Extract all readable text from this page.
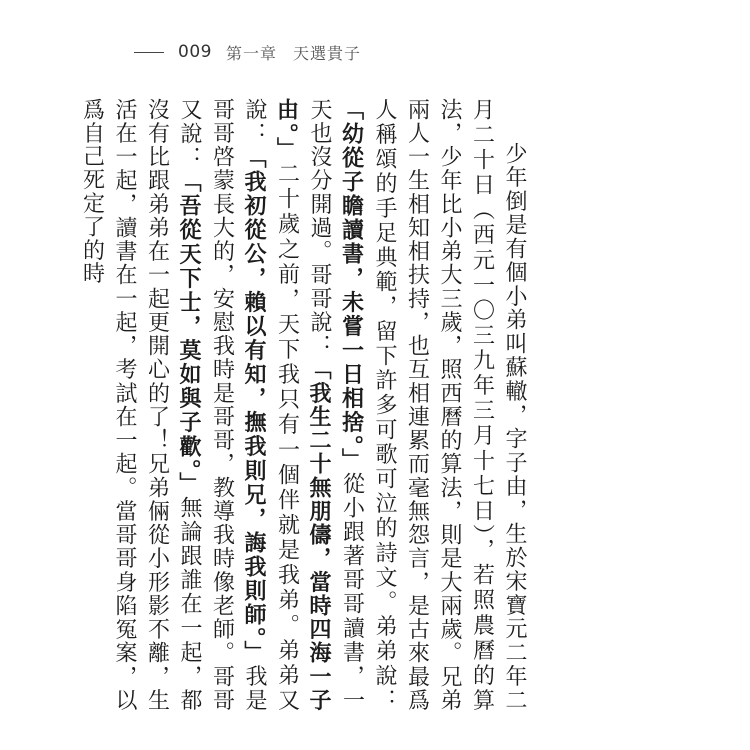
009 第一章 天選貴子

少年倒是有個小弟叫蘇轍，字子由，生於宋寶元二年二月二十日（西元一〇三九年三月十七日），若照農曆的算法，少年比小弟大三歲，照西曆的算法，則是大兩歲。兄弟兩人一生相知相扶持，也互相連累而毫無怨言，是古來最爲人稱頌的手足典範，留下許多可歌可泣的詩文。弟弟說：「幼從子瞻讀書，未嘗一日相捨。」從小跟著哥哥讀書，一天也沒分開過。哥哥說：「我生二十無朋儔，當時四海一子由。」二十歲之前，天下我只有一個伴就是我弟。弟弟又說：「我初從公，賴以有知，撫我則兄，誨我則師。」我是哥哥啓蒙長大的，安慰我時是哥哥，教導我時像老師。哥哥又說：「吾從天下士，莫如與子歡。」無論跟誰在一起，都沒有比跟弟弟在一起更開心的了！兄弟倆從小形影不離，生活在一起，讀書在一起，考試在一起。當哥哥身陷冤案，以爲自己死定了的時
